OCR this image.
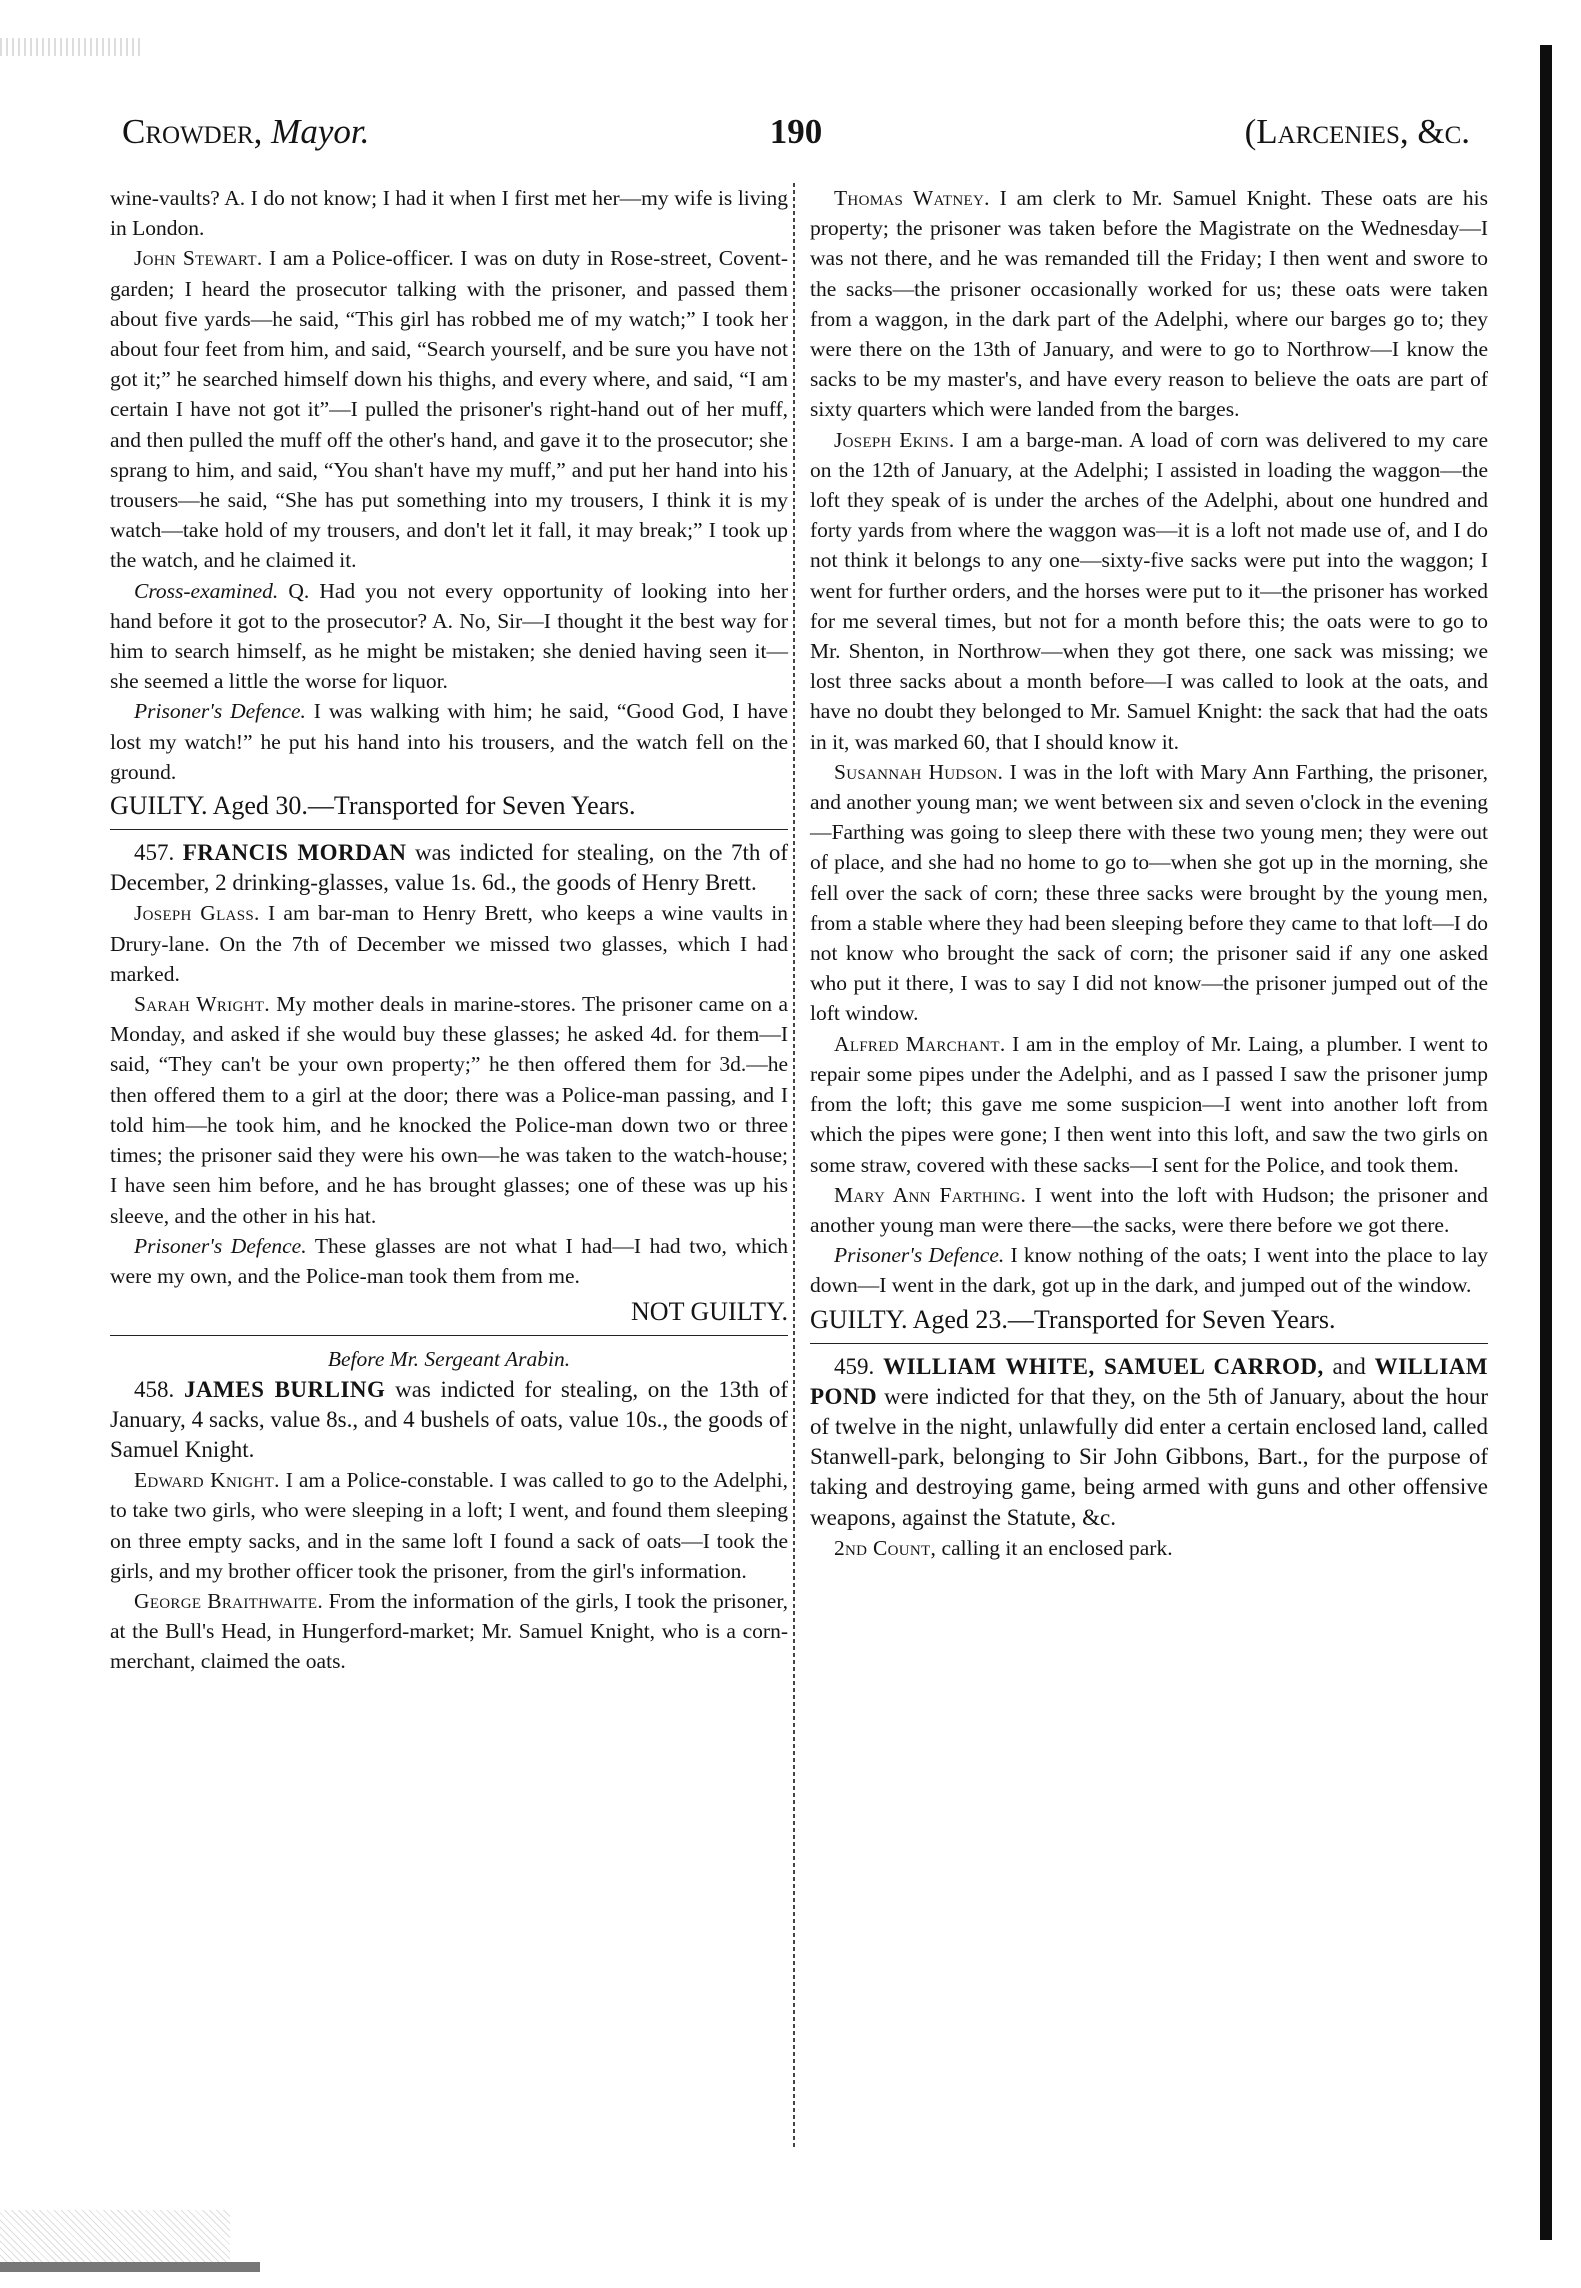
Crowder, Mayor.	190	(Larcenies, &c.

wine-vaults? A. I do not know; I had it when I first met her—my wife is living in London.

John Stewart. I am a Police-officer. I was on duty in Rose-street, Covent-garden; I heard the prosecutor talking with the prisoner, and passed them about five yards—he said, “This girl has robbed me of my watch;” I took her about four feet from him, and said, “Search yourself, and be sure you have not got it;” he searched himself down his thighs, and every where, and said, “I am certain I have not got it”—I pulled the prisoner's right-hand out of her muff, and then pulled the muff off the other's hand, and gave it to the prosecutor; she sprang to him, and said, “You shan't have my muff,” and put her hand into his trousers—he said, “She has put something into my trousers, I think it is my watch—take hold of my trousers, and don't let it fall, it may break;” I took up the watch, and he claimed it.

Cross-examined. Q. Had you not every opportunity of looking into her hand before it got to the prosecutor? A. No, Sir—I thought it the best way for him to search himself, as he might be mistaken; she denied having seen it—she seemed a little the worse for liquor.

Prisoner's Defence. I was walking with him; he said, “Good God, I have lost my watch!” he put his hand into his trousers, and the watch fell on the ground.

GUILTY. Aged 30.—Transported for Seven Years.

457. FRANCIS MORDAN was indicted for stealing, on the 7th of December, 2 drinking-glasses, value 1s. 6d., the goods of Henry Brett.

Joseph Glass. I am bar-man to Henry Brett, who keeps a wine vaults in Drury-lane. On the 7th of December we missed two glasses, which I had marked.

Sarah Wright. My mother deals in marine-stores. The prisoner came on a Monday, and asked if she would buy these glasses; he asked 4d. for them—I said, “They can't be your own property;” he then offered them for 3d.—he then offered them to a girl at the door; there was a Police-man passing, and I told him—he took him, and he knocked the Police-man down two or three times; the prisoner said they were his own—he was taken to the watch-house; I have seen him before, and he has brought glasses; one of these was up his sleeve, and the other in his hat.

Prisoner's Defence. These glasses are not what I had—I had two, which were my own, and the Police-man took them from me.

NOT GUILTY.

Before Mr. Sergeant Arabin.

458. JAMES BURLING was indicted for stealing, on the 13th of January, 4 sacks, value 8s., and 4 bushels of oats, value 10s., the goods of Samuel Knight.

Edward Knight. I am a Police-constable. I was called to go to the Adelphi, to take two girls, who were sleeping in a loft; I went, and found them sleeping on three empty sacks, and in the same loft I found a sack of oats—I took the girls, and my brother officer took the prisoner, from the girl's information.

George Braithwaite. From the information of the girls, I took the prisoner, at the Bull's Head, in Hungerford-market; Mr. Samuel Knight, who is a corn-merchant, claimed the oats.

Thomas Watney. I am clerk to Mr. Samuel Knight. These oats are his property; the prisoner was taken before the Magistrate on the Wednesday—I was not there, and he was remanded till the Friday; I then went and swore to the sacks—the prisoner occasionally worked for us; these oats were taken from a waggon, in the dark part of the Adelphi, where our barges go to; they were there on the 13th of January, and were to go to Northrow—I know the sacks to be my master's, and have every reason to believe the oats are part of sixty quarters which were landed from the barges.

Joseph Ekins. I am a barge-man. A load of corn was delivered to my care on the 12th of January, at the Adelphi; I assisted in loading the waggon—the loft they speak of is under the arches of the Adelphi, about one hundred and forty yards from where the waggon was—it is a loft not made use of, and I do not think it belongs to any one—sixty-five sacks were put into the waggon; I went for further orders, and the horses were put to it—the prisoner has worked for me several times, but not for a month before this; the oats were to go to Mr. Shenton, in Northrow—when they got there, one sack was missing; we lost three sacks about a month before—I was called to look at the oats, and have no doubt they belonged to Mr. Samuel Knight: the sack that had the oats in it, was marked 60, that I should know it.

Susannah Hudson. I was in the loft with Mary Ann Farthing, the prisoner, and another young man; we went between six and seven o'clock in the evening—Farthing was going to sleep there with these two young men; they were out of place, and she had no home to go to—when she got up in the morning, she fell over the sack of corn; these three sacks were brought by the young men, from a stable where they had been sleeping before they came to that loft—I do not know who brought the sack of corn; the prisoner said if any one asked who put it there, I was to say I did not know—the prisoner jumped out of the loft window.

Alfred Marchant. I am in the employ of Mr. Laing, a plumber. I went to repair some pipes under the Adelphi, and as I passed I saw the prisoner jump from the loft; this gave me some suspicion—I went into another loft from which the pipes were gone; I then went into this loft, and saw the two girls on some straw, covered with these sacks—I sent for the Police, and took them.

Mary Ann Farthing. I went into the loft with Hudson; the prisoner and another young man were there—the sacks, were there before we got there.

Prisoner's Defence. I know nothing of the oats; I went into the place to lay down—I went in the dark, got up in the dark, and jumped out of the window.

GUILTY. Aged 23.—Transported for Seven Years.

459. WILLIAM WHITE, SAMUEL CARROD, and WILLIAM POND were indicted for that they, on the 5th of January, about the hour of twelve in the night, unlawfully did enter a certain enclosed land, called Stanwell-park, belonging to Sir John Gibbons, Bart., for the purpose of taking and destroying game, being armed with guns and other offensive weapons, against the Statute, &c.

2nd Count, calling it an enclosed park.
